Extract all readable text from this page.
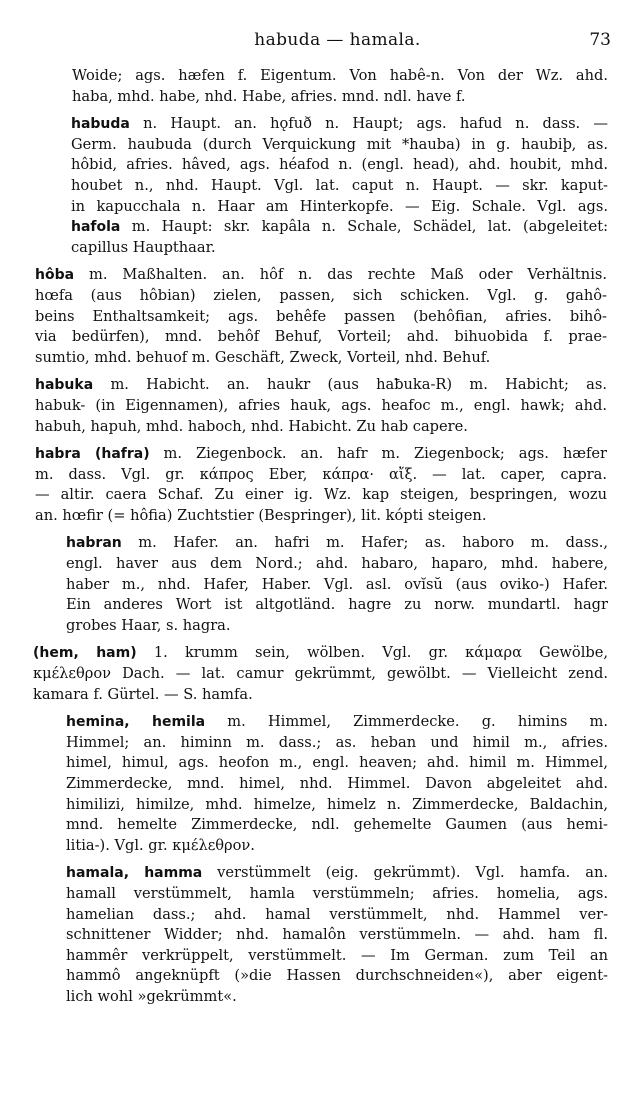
habuda — hamala.	73
Woide; ags. hæfen f. Eigentum. Von habê-n. Von der Wz. ahd.
haba, mhd. habe, nhd. Habe, afries. mnd. ndl. have f.
habuda n. Haupt. an. hǫfuð n. Haupt; ags. hafud n. dass. —
Germ. haubuda (durch Verquickung mit *hauba) in g. haubiþ, as.
hôbid, afries. hâved, ags. héafod n. (engl. head), ahd. houbit, mhd.
houbet n., nhd. Haupt. Vgl. lat. caput n. Haupt. — skr. kaput-
in kapucchala n. Haar am Hinterkopfe. — Eig. Schale. Vgl. ags.
hafola m. Haupt: skr. kapâla n. Schale, Schädel, lat. (abgeleitet:
capillus Haupthaar.
hôba m. Maßhalten. an. hôf n. das rechte Maß oder Verhältnis.
hœfa (aus hôbian) zielen, passen, sich schicken. Vgl. g. gahô-
beins Enthaltsamkeit; ags. behêfe passen (behôfian, afries. bihô-
via bedürfen), mnd. behôf Behuf, Vorteil; ahd. bihuobida f. prae-
sumtio, mhd. behuof m. Geschäft, Zweck, Vorteil, nhd. Behuf.
habuka m. Habicht. an. haukr (aus haƀuka-R) m. Habicht; as.
habuk- (in Eigennamen), afries hauk, ags. heafoc m., engl. hawk; ahd.
habuh, hapuh, mhd. haboch, nhd. Habicht. Zu hab capere.
habra (hafra) m. Ziegenbock. an. hafr m. Ziegenbock; ags. hæfer
m. dass. Vgl. gr. κάπρος Eber, κάπρα· αἴξ. — lat. caper, capra.
— altir. caera Schaf. Zu einer ig. Wz. kap steigen, bespringen, wozu
an. hœfir (= hôfia) Zuchtstier (Bespringer), lit. kópti steigen.
habran m. Hafer. an. hafri m. Hafer; as. haboro m. dass.,
engl. haver aus dem Nord.; ahd. habaro, haparo, mhd. habere,
haber m., nhd. Hafer, Haber. Vgl. asl. ovĭsŭ (aus oviko-) Hafer.
Ein anderes Wort ist altgotländ. hagre zu norw. mundartl. hagr
grobes Haar, s. hagra.
(hem, ham) 1. krumm sein, wölben. Vgl. gr. κάμαρα Gewölbe,
κμέλεθρον Dach. — lat. camur gekrümmt, gewölbt. — Vielleicht zend.
kamara f. Gürtel. — S. hamfa.
hemina, hemila m. Himmel, Zimmerdecke. g. himins m.
Himmel; an. himinn m. dass.; as. heban und himil m., afries.
himel, himul, ags. heofon m., engl. heaven; ahd. himil m. Himmel,
Zimmerdecke, mnd. himel, nhd. Himmel. Davon abgeleitet ahd.
himilizi, himilze, mhd. himelze, himelz n. Zimmerdecke, Baldachin,
mnd. hemelte Zimmerdecke, ndl. gehemelte Gaumen (aus hemi-
litia-). Vgl. gr. κμέλεθρον.
hamala, hamma verstümmelt (eig. gekrümmt). Vgl. hamfa. an.
hamall verstümmelt, hamla verstümmeln; afries. homelia, ags.
hamelian dass.; ahd. hamal verstümmelt, nhd. Hammel ver-
schnittener Widder; nhd. hamalôn verstümmeln. — ahd. ham fl.
hammêr verkrüppelt, verstümmelt. — Im German. zum Teil an
hammô angeknüpft (»die Hassen durchschneiden«), aber eigent-
lich wohl »gekrümmt«.
